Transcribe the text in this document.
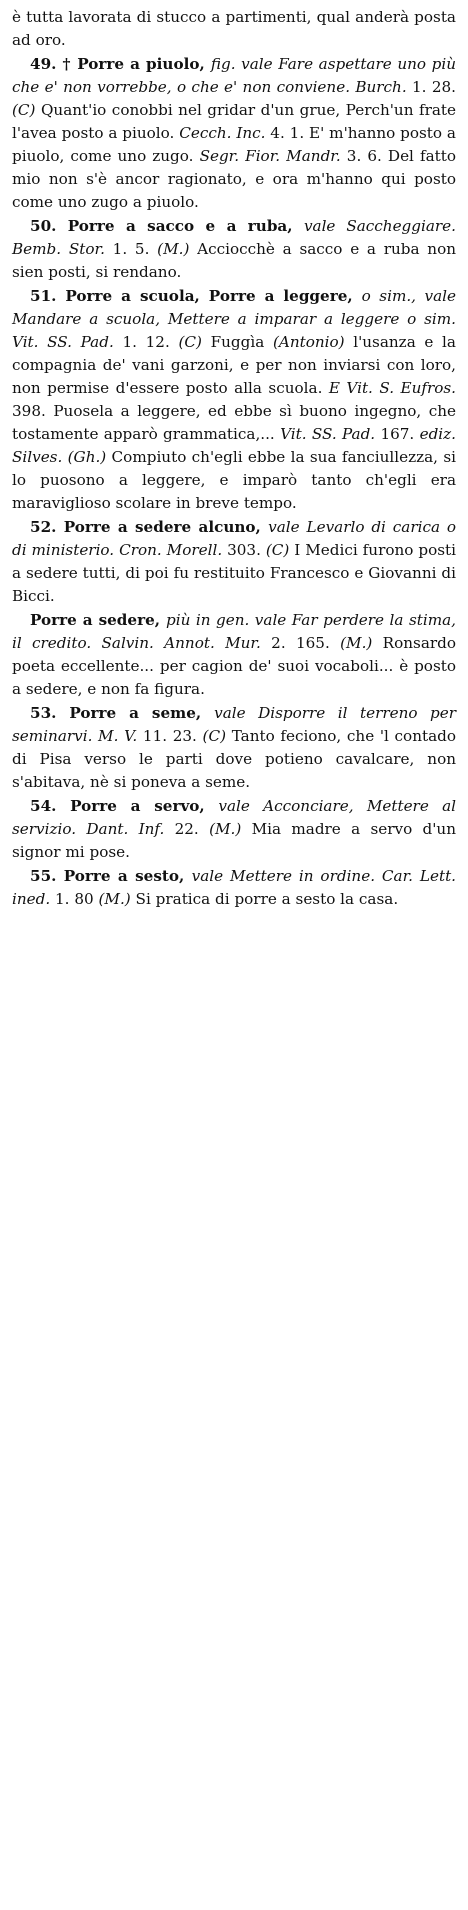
è tutta lavorata di stucco a partimenti, qual anderà posta ad oro.

49. † Porre a piuolo, fig. vale Fare aspettare uno più che e' non vorrebbe, o che e' non conviene. Burch. 1. 28. (C) Quant'io conobbi nel gridar d'un grue, Perch'un frate l'avea posto a piuolo. Cecch. Inc. 4. 1. E' m'hanno posto a piuolo, come uno zugo. Segr. Fior. Mandr. 3. 6. Del fatto mio non s'è ancor ragionato, e ora m'hanno qui posto come uno zugo a piuolo.

50. Porre a sacco e a ruba, vale Saccheggiare. Bemb. Stor. 1. 5. (M.) Acciocchè a sacco e a ruba non sien posti, si rendano.

51. Porre a scuola, Porre a leggere, o sim., vale Mandare a scuola, Mettere a imparar a leggere o sim. Vit. SS. Pad. 1. 12. (C) Fuggìa (Antonio) l'usanza e la compagnia de' vani garzoni, e per non inviarsi con loro, non permise d'essere posto alla scuola. E Vit. S. Eufros. 398. Puosela a leggere, ed ebbe sì buono ingegno, che tostamente apparò grammatica,... Vit. SS. Pad. 167. ediz. Silves. (Gh.) Compiuto ch'egli ebbe la sua fanciullezza, si lo puosono a leggere, e imparò tanto ch'egli era maraviglioso scolare in breve tempo.

52. Porre a sedere alcuno, vale Levarlo di carica o di ministerio. Cron. Morell. 303. (C) I Medici furono posti a sedere tutti, di poi fu restituito Francesco e Giovanni di Bicci.

Porre a sedere, più in gen. vale Far perdere la stima, il credito. Salvin. Annot. Mur. 2. 165. (M.) Ronsardo poeta eccellente... per cagion de' suoi vocaboli... è posto a sedere, e non fa figura.

53. Porre a seme, vale Disporre il terreno per seminarvi. M. V. 11. 23. (C) Tanto feciono, che 'l contado di Pisa verso le parti dove potieno cavalcare, non s'abitava, nè si poneva a seme.

54. Porre a servo, vale Acconciare, Mettere al servizio. Dant. Inf. 22. (M.) Mia madre a servo d'un signor mi pose.

55. Porre a sesto, vale Mettere in ordine. Car. Lett. ined. 1. 80 (M.) Si pratica di porre a sesto la casa.
